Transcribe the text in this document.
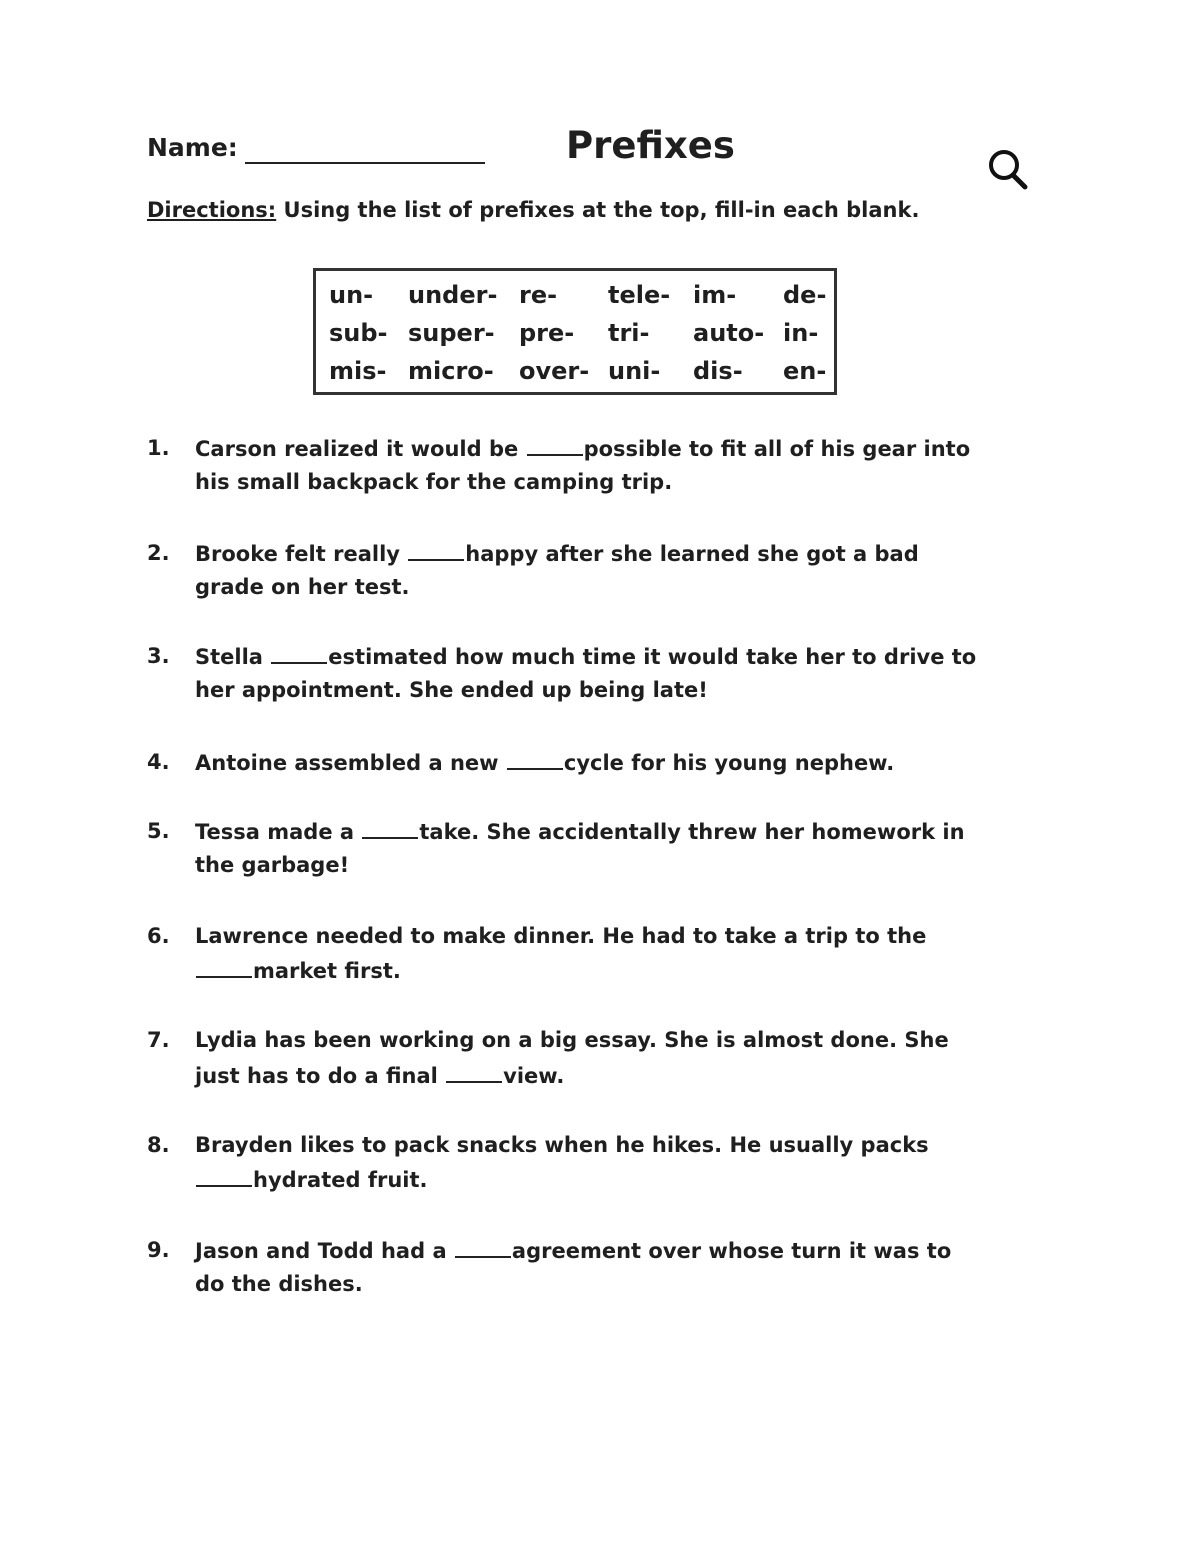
Name:	Prefixes
Directions: Using the list of prefixes at the top, fill-in each blank.
un- under- re- tele- im- de-
sub- super- pre- tri- auto- in-
mis- micro- over- uni- dis- en-
1. Carson realized it would be	possible to fit all of his gear into
his small backpack for the camping trip.
2. Brooke felt really	happy after she learned she got a bad
grade on her test.
3. Stella	estimated how much time it would take her to drive to
her appointment. She ended up being late!
4. Antoine assembled a new	cycle for his young nephew.
5. Tessa made a	take. She accidentally threw her homework in
the garbage!
6. Lawrence needed to make dinner. He had to take a trip to the
market first.
7. Lydia has been working on a big essay. She is almost done. She
just has to do a final	view.
8. Brayden likes to pack snacks when he hikes. He usually packs
hydrated fruit.
9. Jason and Todd had a	agreement over whose turn it was to
do the dishes.
